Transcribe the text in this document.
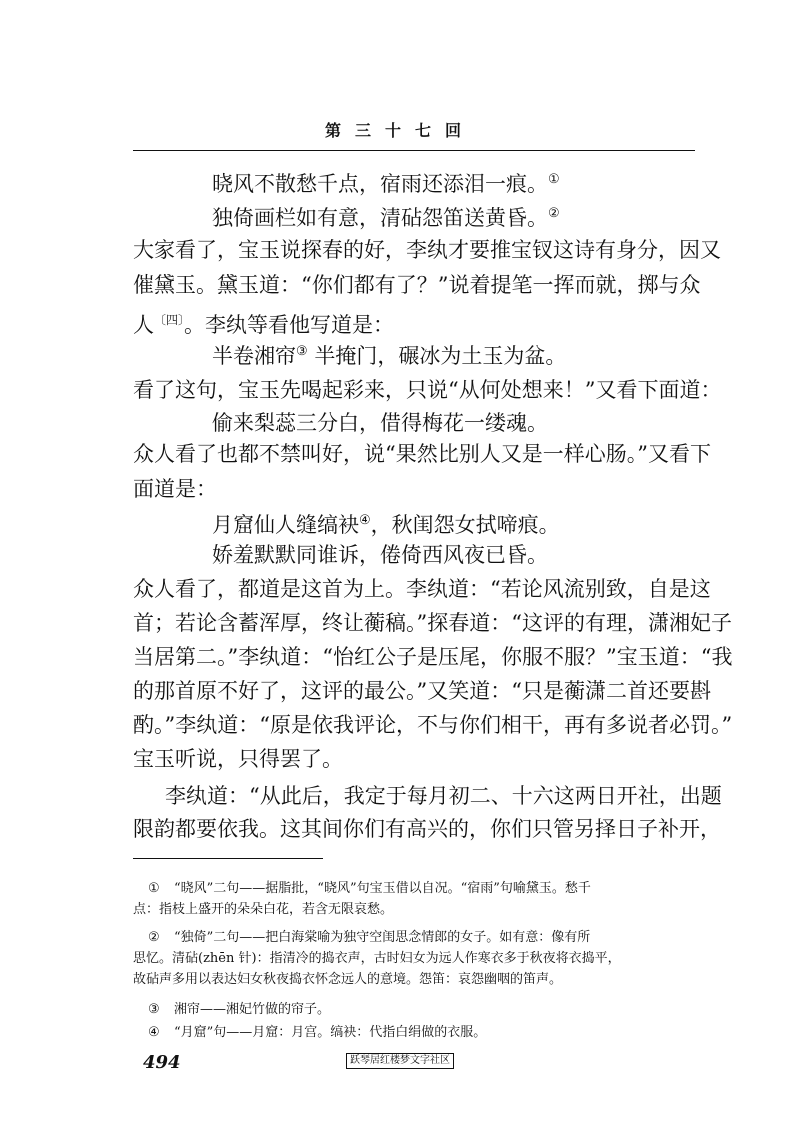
第三十七回
晓风不散愁千点，宿雨还添泪一痕。①
独倚画栏如有意，清砧怨笛送黄昏。②
大家看了，宝玉说探春的好，李纨才要推宝钗这诗有身分，因又
催黛玉。黛玉道：“你们都有了？”说着提笔一挥而就，掷与众
人$^{〔四〕}$。李纨等看他写道是：
半卷湘帘③ 半掩门，碾冰为土玉为盆。
看了这句，宝玉先喝起彩来，只说“从何处想来！”又看下面道：
偷来梨蕊三分白，借得梅花一缕魂。
众人看了也都不禁叫好，说“果然比别人又是一样心肠。”又看下
面道是：
月窟仙人缝缟袂④，秋闺怨女拭啼痕。
娇羞默默同谁诉，倦倚西风夜已昏。
众人看了，都道是这首为上。李纨道：“若论风流别致，自是这
首；若论含蓄浑厚，终让蘅稿。”探春道：“这评的有理，潇湘妃子
当居第二。”李纨道：“怡红公子是压尾，你服不服？”宝玉道：“我
的那首原不好了，这评的最公。”又笑道：“只是蘅潇二首还要斟
酌。”李纨道：“原是依我评论，不与你们相干，再有多说者必罚。”
宝玉听说，只得罢了。
李纨道：“从此后，我定于每月初二、十六这两日开社，出题
限韵都要依我。这其间你们有高兴的，你们只管另择日子补开，
① “晓风”二句——据脂批，“晓风”句宝玉借以自况。“宿雨”句喻黛玉。愁千
点：指枝上盛开的朵朵白花，若含无限哀愁。
② “独倚”二句——把白海棠喻为独守空闺思念情郎的女子。如有意：像有所
思忆。清砧(zhēn 针)：指清冷的捣衣声，古时妇女为远人作寒衣多于秋夜将衣捣平，
故砧声多用以表达妇女秋夜捣衣怀念远人的意境。怨笛：哀怨幽咽的笛声。
③ 湘帘——湘妃竹做的帘子。
④ “月窟”句——月窟：月宫。缟袂：代指白绢做的衣服。
494	跃琴居红楼梦文字社区
